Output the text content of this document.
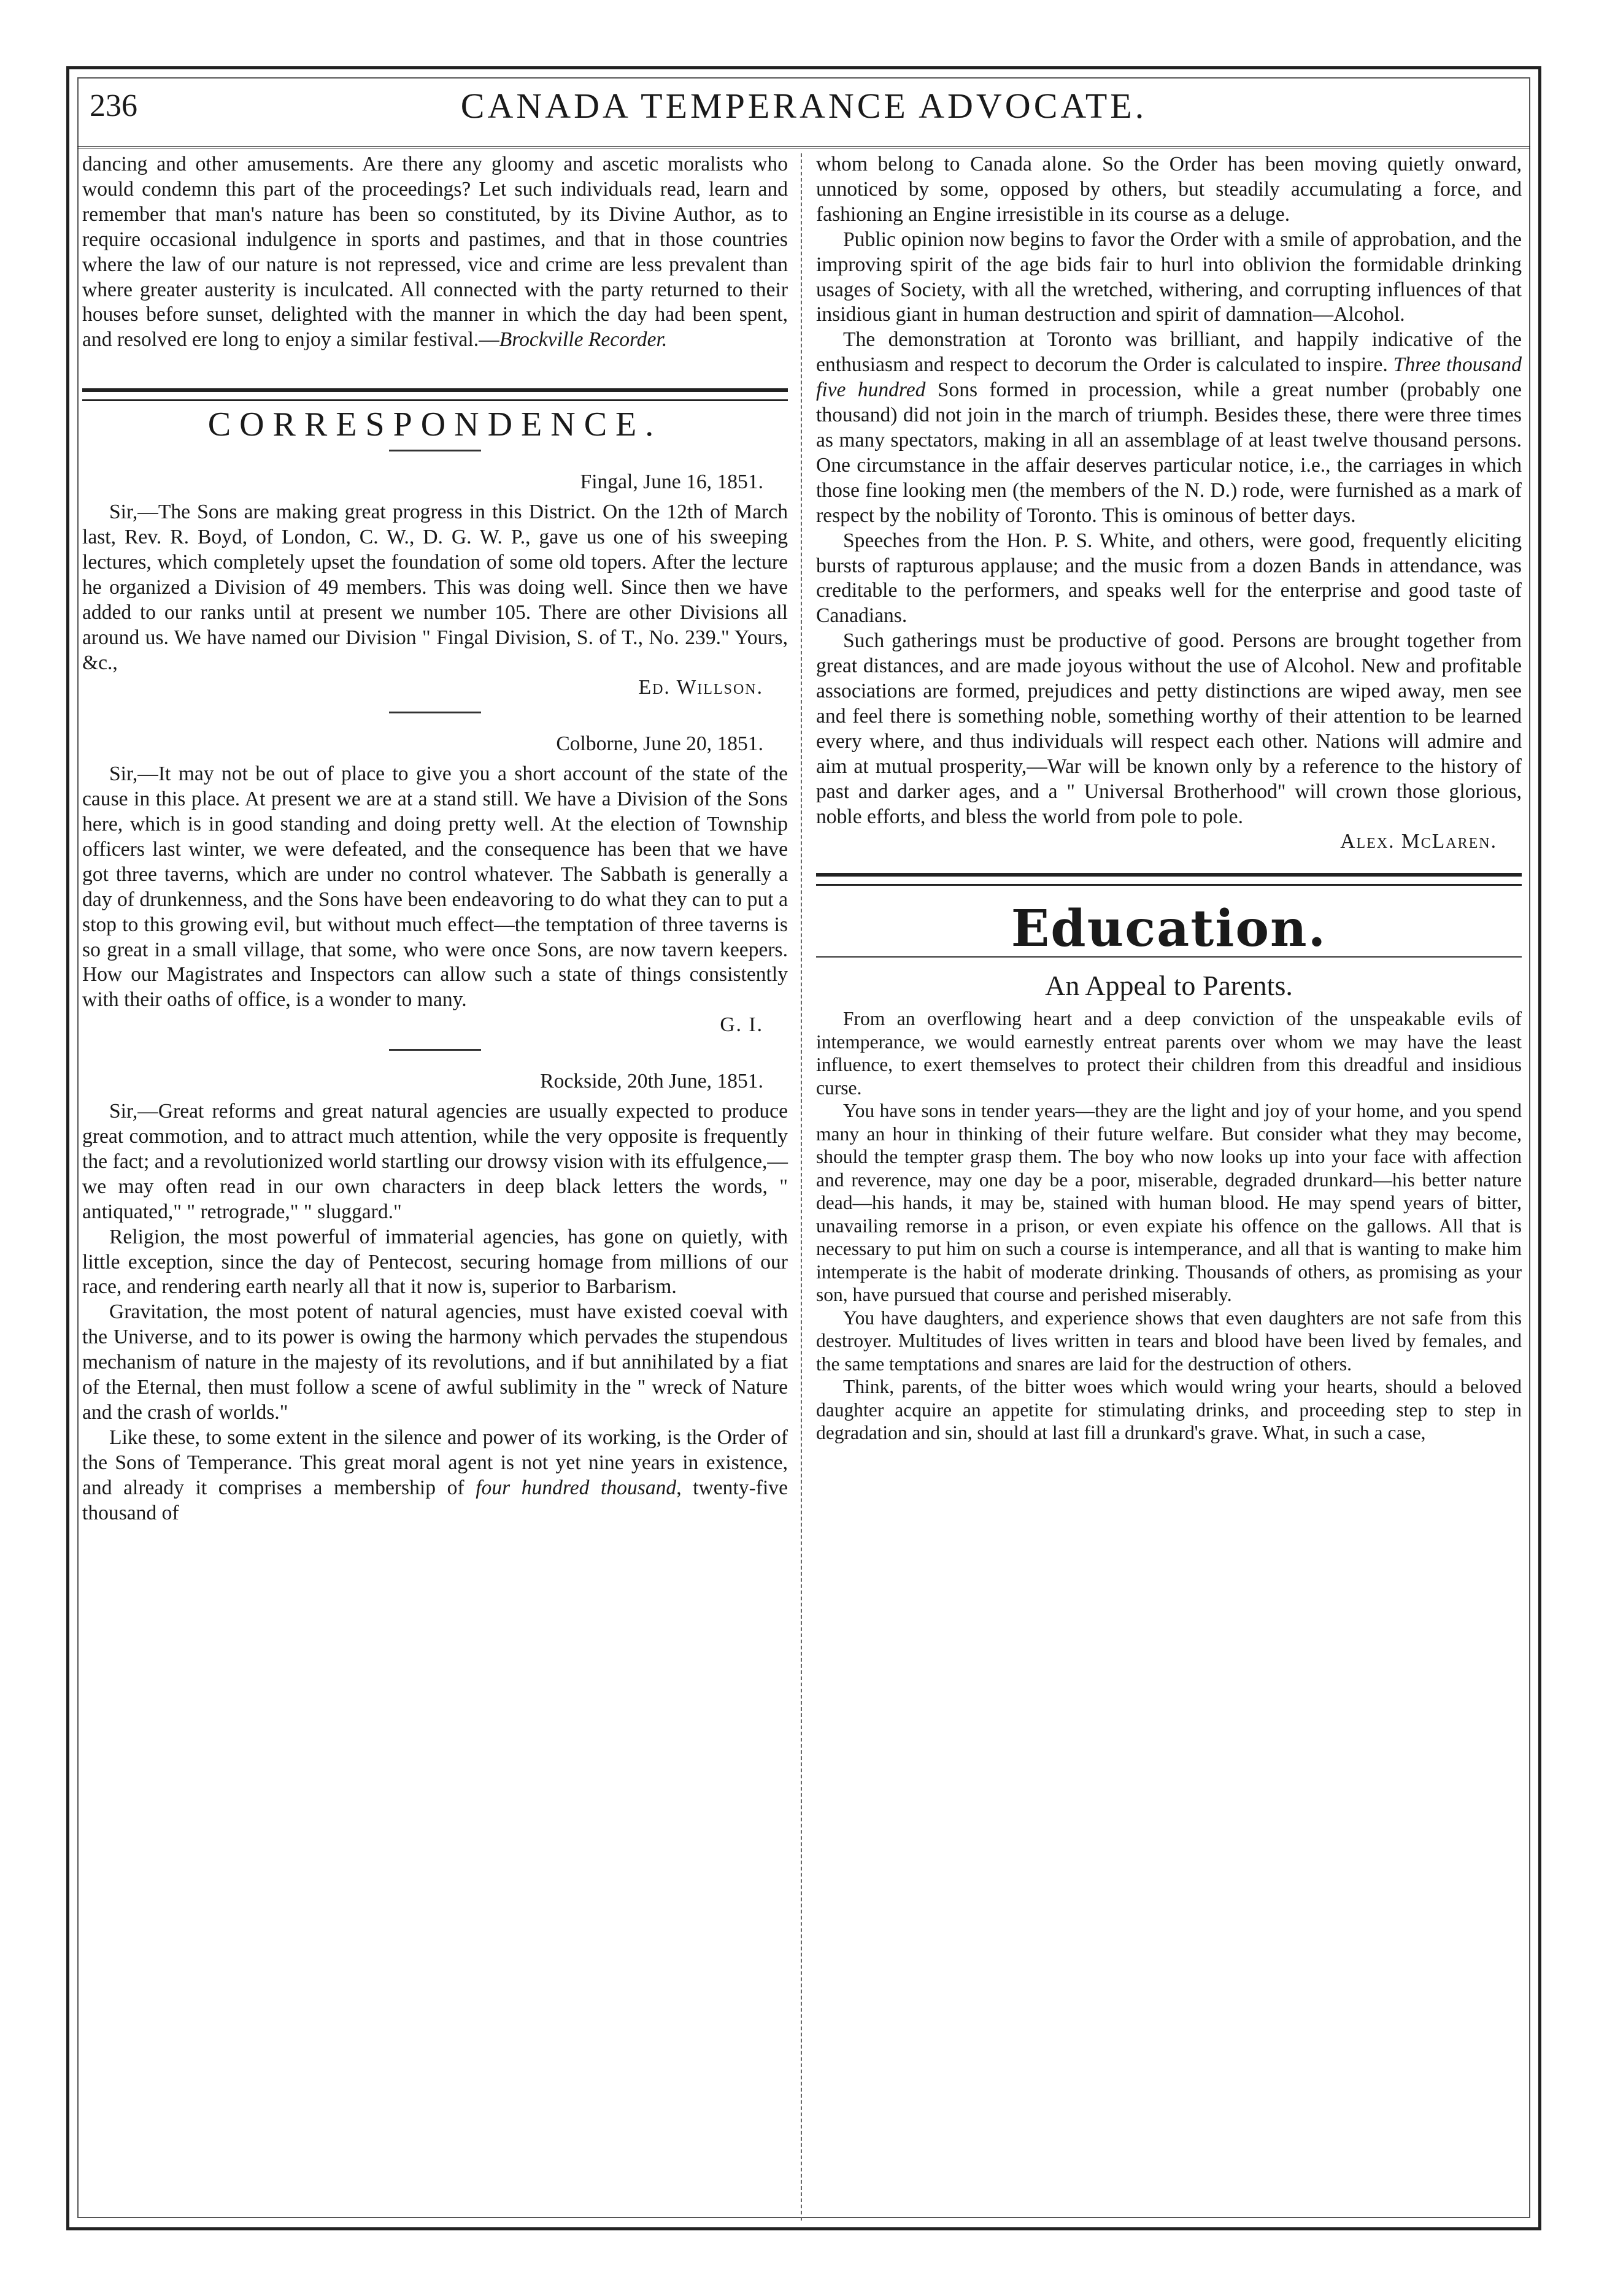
236	CANADA TEMPERANCE ADVOCATE.

dancing and other amusements. Are there any gloomy and ascetic moralists who would condemn this part of the proceedings? Let such individuals read, learn and remember that man's nature has been so constituted, by its Divine Author, as to require occasional indulgence in sports and pastimes, and that in those countries where the law of our nature is not repressed, vice and crime are less prevalent than where greater austerity is inculcated. All connected with the party returned to their houses before sunset, delighted with the manner in which the day had been spent, and resolved ere long to enjoy a similar festival.—Brockville Recorder.

CORRESPONDENCE.
Fingal, June 16, 1851.

Sir,—The Sons are making great progress in this District. On the 12th of March last, Rev. R. Boyd, of London, C. W., D. G. W. P., gave us one of his sweeping lectures, which completely upset the foundation of some old topers. After the lecture he organized a Division of 49 members. This was doing well. Since then we have added to our ranks until at present we number 105. There are other Divisions all around us. We have named our Division " Fingal Division, S. of T., No. 239." Yours, &c.,

Ed. Willson.
Colborne, June 20, 1851.

Sir,—It may not be out of place to give you a short account of the state of the cause in this place. At present we are at a stand still. We have a Division of the Sons here, which is in good standing and doing pretty well. At the election of Township officers last winter, we were defeated, and the consequence has been that we have got three taverns, which are under no control whatever. The Sabbath is generally a day of drunkenness, and the Sons have been endeavoring to do what they can to put a stop to this growing evil, but without much effect—the temptation of three taverns is so great in a small village, that some, who were once Sons, are now tavern keepers. How our Magistrates and Inspectors can allow such a state of things consistently with their oaths of office, is a wonder to many.

G. I.
Rockside, 20th June, 1851.

Sir,—Great reforms and great natural agencies are usually expected to produce great commotion, and to attract much attention, while the very opposite is frequently the fact; and a revolutionized world startling our drowsy vision with its effulgence,—we may often read in our own characters in deep black letters the words, " antiquated," " retrograde," " sluggard."

Religion, the most powerful of immaterial agencies, has gone on quietly, with little exception, since the day of Pentecost, securing homage from millions of our race, and rendering earth nearly all that it now is, superior to Barbarism.

Gravitation, the most potent of natural agencies, must have existed coeval with the Universe, and to its power is owing the harmony which pervades the stupendous mechanism of nature in the majesty of its revolutions, and if but annihilated by a fiat of the Eternal, then must follow a scene of awful sublimity in the " wreck of Nature and the crash of worlds."

Like these, to some extent in the silence and power of its working, is the Order of the Sons of Temperance. This great moral agent is not yet nine years in existence, and already it comprises a membership of four hundred thousand, twenty-five thousand of

whom belong to Canada alone. So the Order has been moving quietly onward, unnoticed by some, opposed by others, but steadily accumulating a force, and fashioning an Engine irresistible in its course as a deluge.

Public opinion now begins to favor the Order with a smile of approbation, and the improving spirit of the age bids fair to hurl into oblivion the formidable drinking usages of Society, with all the wretched, withering, and corrupting influences of that insidious giant in human destruction and spirit of damnation—Alcohol.

The demonstration at Toronto was brilliant, and happily indicative of the enthusiasm and respect to decorum the Order is calculated to inspire. Three thousand five hundred Sons formed in procession, while a great number (probably one thousand) did not join in the march of triumph. Besides these, there were three times as many spectators, making in all an assemblage of at least twelve thousand persons. One circumstance in the affair deserves particular notice, i.e., the carriages in which those fine looking men (the members of the N. D.) rode, were furnished as a mark of respect by the nobility of Toronto. This is ominous of better days.

Speeches from the Hon. P. S. White, and others, were good, frequently eliciting bursts of rapturous applause; and the music from a dozen Bands in attendance, was creditable to the performers, and speaks well for the enterprise and good taste of Canadians.

Such gatherings must be productive of good. Persons are brought together from great distances, and are made joyous without the use of Alcohol. New and profitable associations are formed, prejudices and petty distinctions are wiped away, men see and feel there is something noble, something worthy of their attention to be learned every where, and thus individuals will respect each other. Nations will admire and aim at mutual prosperity,—War will be known only by a reference to the history of past and darker ages, and a " Universal Brotherhood" will crown those glorious, noble efforts, and bless the world from pole to pole.

Alex. McLaren.
Education.
An Appeal to Parents.

From an overflowing heart and a deep conviction of the unspeakable evils of intemperance, we would earnestly entreat parents over whom we may have the least influence, to exert themselves to protect their children from this dreadful and insidious curse.

You have sons in tender years—they are the light and joy of your home, and you spend many an hour in thinking of their future welfare. But consider what they may become, should the tempter grasp them. The boy who now looks up into your face with affection and reverence, may one day be a poor, miserable, degraded drunkard—his better nature dead—his hands, it may be, stained with human blood. He may spend years of bitter, unavailing remorse in a prison, or even expiate his offence on the gallows. All that is necessary to put him on such a course is intemperance, and all that is wanting to make him intemperate is the habit of moderate drinking. Thousands of others, as promising as your son, have pursued that course and perished miserably.

You have daughters, and experience shows that even daughters are not safe from this destroyer. Multitudes of lives written in tears and blood have been lived by females, and the same temptations and snares are laid for the destruction of others.

Think, parents, of the bitter woes which would wring your hearts, should a beloved daughter acquire an appetite for stimulating drinks, and proceeding step to step in degradation and sin, should at last fill a drunkard's grave. What, in such a case,
